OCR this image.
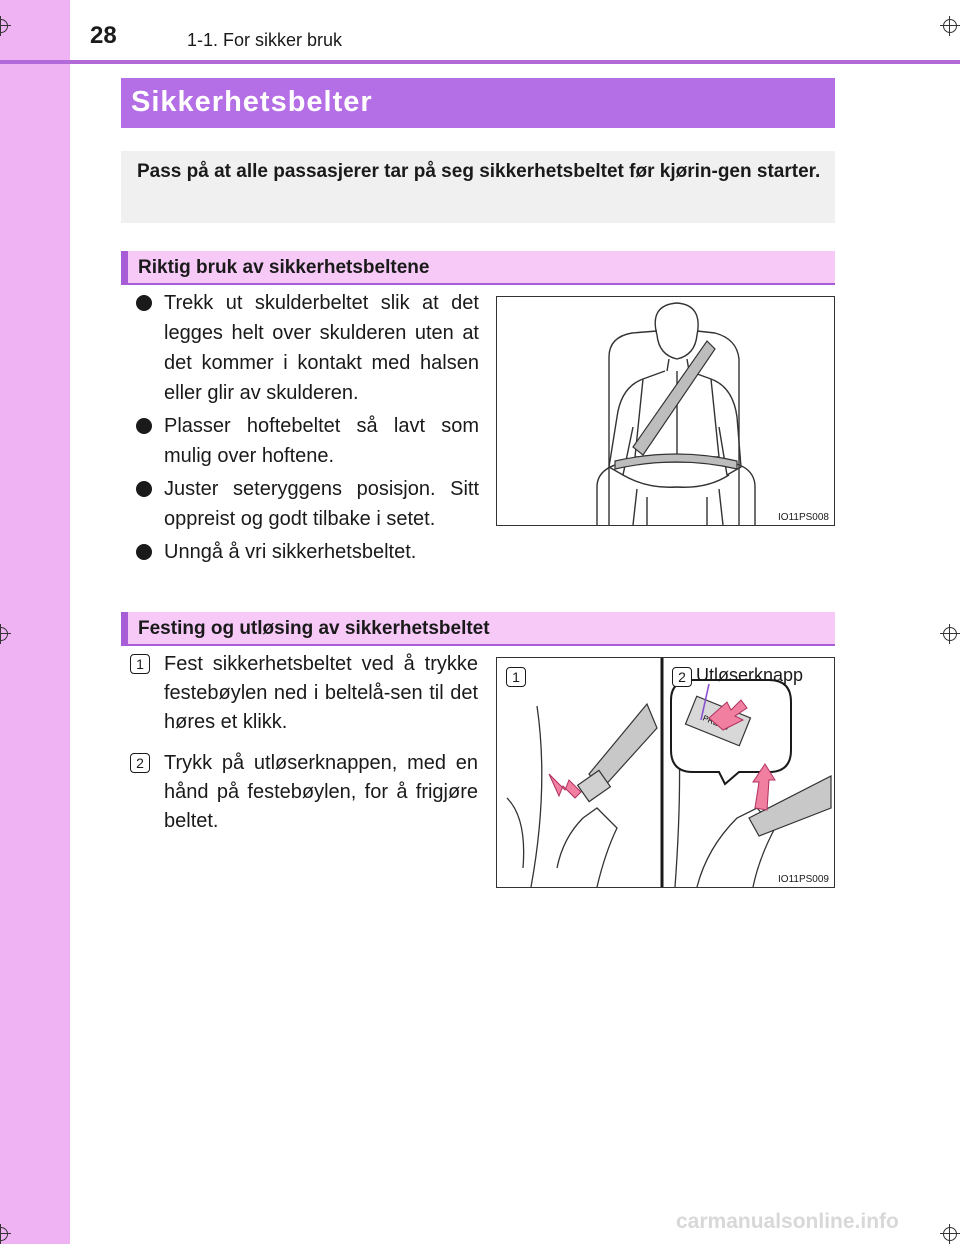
28	1-1. For sikker bruk
Sikkerhetsbelter
Pass på at alle passasjerer tar på seg sikkerhetsbeltet før kjørin-gen starter.
Riktig bruk av sikkerhetsbeltene
Trekk ut skulderbeltet slik at det legges helt over skulderen uten at det kommer i kontakt med halsen eller glir av skulderen.
Plasser hoftebeltet så lavt som mulig over hoftene.
Juster seteryggens posisjon. Sitt oppreist og godt tilbake i setet.
Unngå å vri sikkerhetsbeltet.
IO11PS008
Festing og utløsing av sikkerhetsbeltet
1	Fest sikkerhetsbeltet ved å trykke festebøylen ned i beltelå-sen til det høres et klikk.
2	Trykk på utløserknappen, med en hånd på festebøylen, for å frigjøre beltet.
1	2 Utløserknapp
IO11PS009
carmanualsonline.info
